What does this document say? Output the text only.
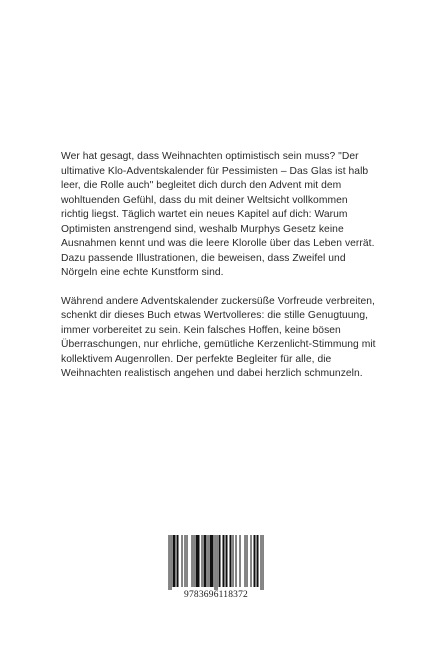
Wer hat gesagt, dass Weihnachten optimistisch sein muss? "Der ultimative Klo-Adventskalender für Pessimisten – Das Glas ist halb leer, die Rolle auch" begleitet dich durch den Advent mit dem wohltuenden Gefühl, dass du mit deiner Weltsicht vollkommen richtig liegst. Täglich wartet ein neues Kapitel auf dich: Warum Optimisten anstrengend sind, weshalb Murphys Gesetz keine Ausnahmen kennt und was die leere Klorolle über das Leben verrät. Dazu passende Illustrationen, die beweisen, dass Zweifel und Nörgeln eine echte Kunstform sind.

Während andere Adventskalender zuckersüße Vorfreude verbreiten, schenkt dir dieses Buch etwas Wertvolleres: die stille Genugtuung, immer vorbereitet zu sein. Kein falsches Hoffen, keine bösen Überraschungen, nur ehrliche, gemütliche Kerzenlicht-Stimmung mit kollektivem Augenrollen. Der perfekte Begleiter für alle, die Weihnachten realistisch angehen und dabei herzlich schmunzeln.

9783696118372
